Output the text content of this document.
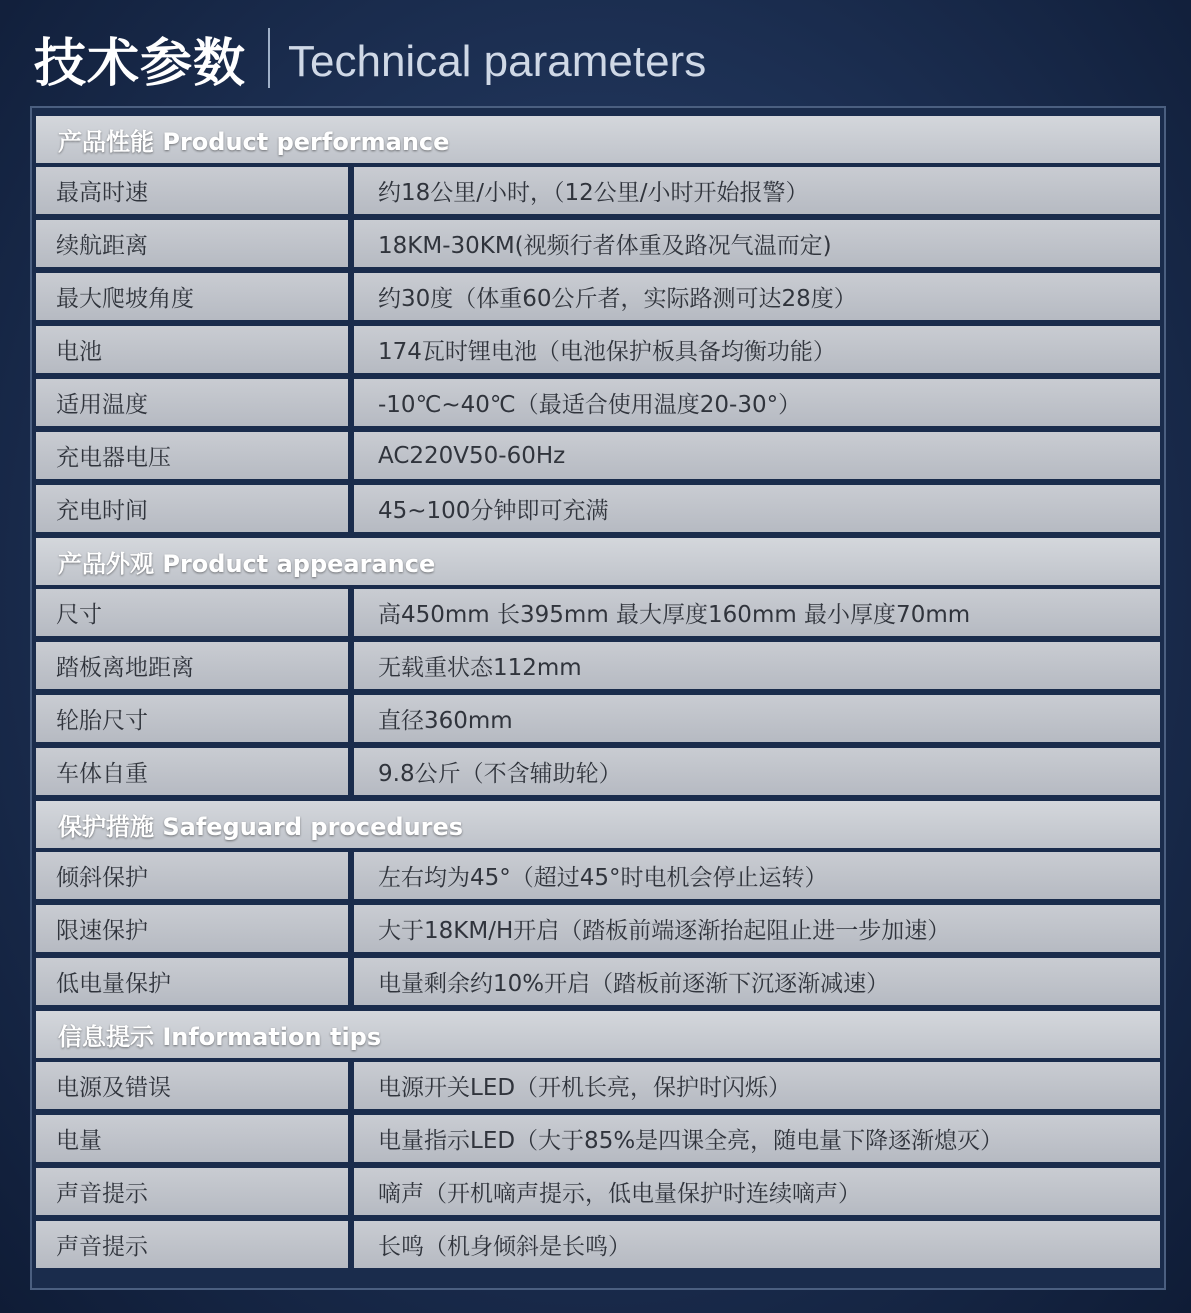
技术参数 Technical parameters
产品性能 Product performance
最高时速	约18公里/小时，（12公里/小时开始报警）
续航距离	18KM-30KM(视频行者体重及路况气温而定)
最大爬坡角度	约30度（体重60公斤者，实际路测可达28度）
电池	174瓦时锂电池（电池保护板具备均衡功能）
适用温度	-10℃~40℃（最适合使用温度20-30°）
充电器电压	AC220V50-60Hz
充电时间	45~100分钟即可充满
产品外观 Product appearance
尺寸	高450mm 长395mm 最大厚度160mm 最小厚度70mm
踏板离地距离	无载重状态112mm
轮胎尺寸	直径360mm
车体自重	9.8公斤（不含辅助轮）
保护措施 Safeguard procedures
倾斜保护	左右均为45°（超过45°时电机会停止运转）
限速保护	大于18KM/H开启（踏板前端逐渐抬起阻止进一步加速）
低电量保护	电量剩余约10%开启（踏板前逐渐下沉逐渐减速）
信息提示 Information tips
电源及错误	电源开关LED（开机长亮，保护时闪烁）
电量	电量指示LED（大于85%是四课全亮，随电量下降逐渐熄灭）
声音提示	嘀声（开机嘀声提示，低电量保护时连续嘀声）
声音提示	长鸣（机身倾斜是长鸣）
